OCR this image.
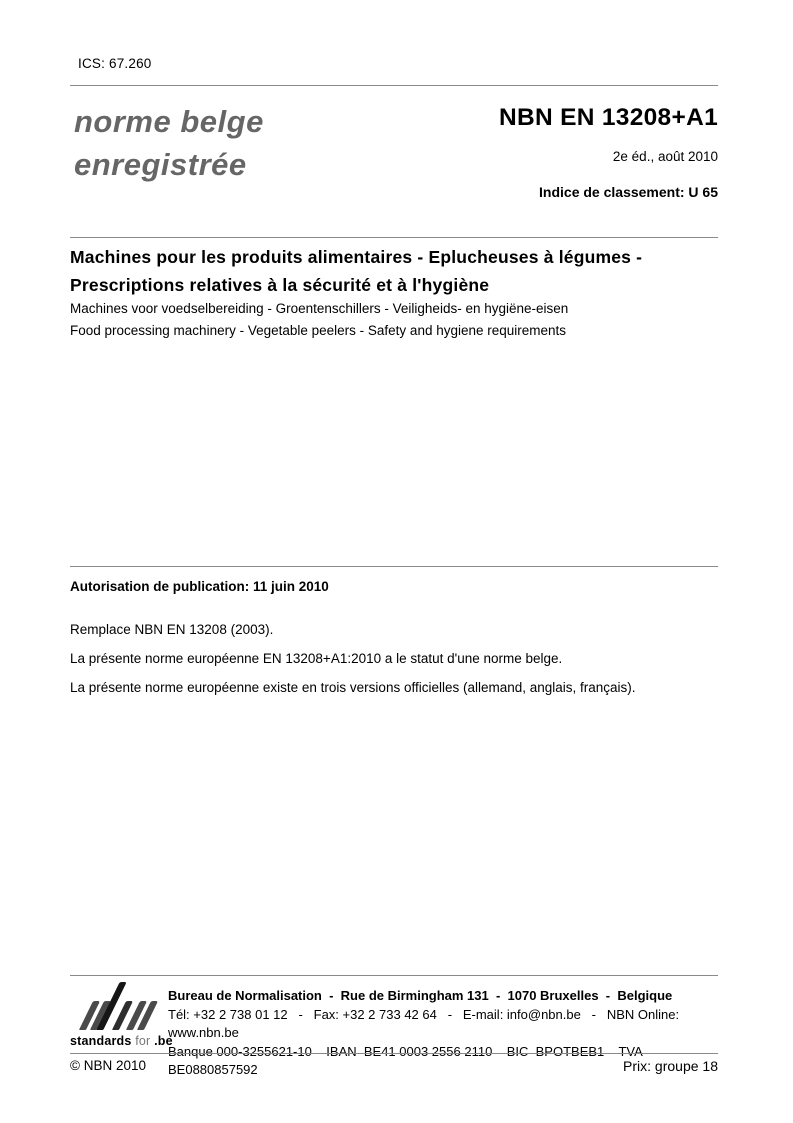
ICS: 67.260
norme belge
enregistrée
NBN EN 13208+A1
2e éd., août 2010
Indice de classement: U 65
Machines pour les produits alimentaires - Eplucheuses à légumes -
Prescriptions relatives à la sécurité et à l'hygiène
Machines voor voedselbereiding - Groentenschillers - Veiligheids- en hygiëne-eisen
Food processing machinery - Vegetable peelers - Safety and hygiene requirements
Autorisation de publication: 11 juin 2010
Remplace NBN EN 13208 (2003).
La présente norme européenne EN 13208+A1:2010 a le statut d'une norme belge.
La présente norme européenne existe en trois versions officielles (allemand, anglais, français).
standards for .be
Bureau de Normalisation  -  Rue de Birmingham 131  -  1070 Bruxelles  -  Belgique
Tél: +32 2 738 01 12   -   Fax: +32 2 733 42 64   -   E-mail: info@nbn.be   -   NBN Online: www.nbn.be
Banque 000-3255621-10    IBAN  BE41 0003 2556 2110    BIC  BPOTBEB1    TVA  BE0880857592
© NBN 2010	Prix: groupe 18
